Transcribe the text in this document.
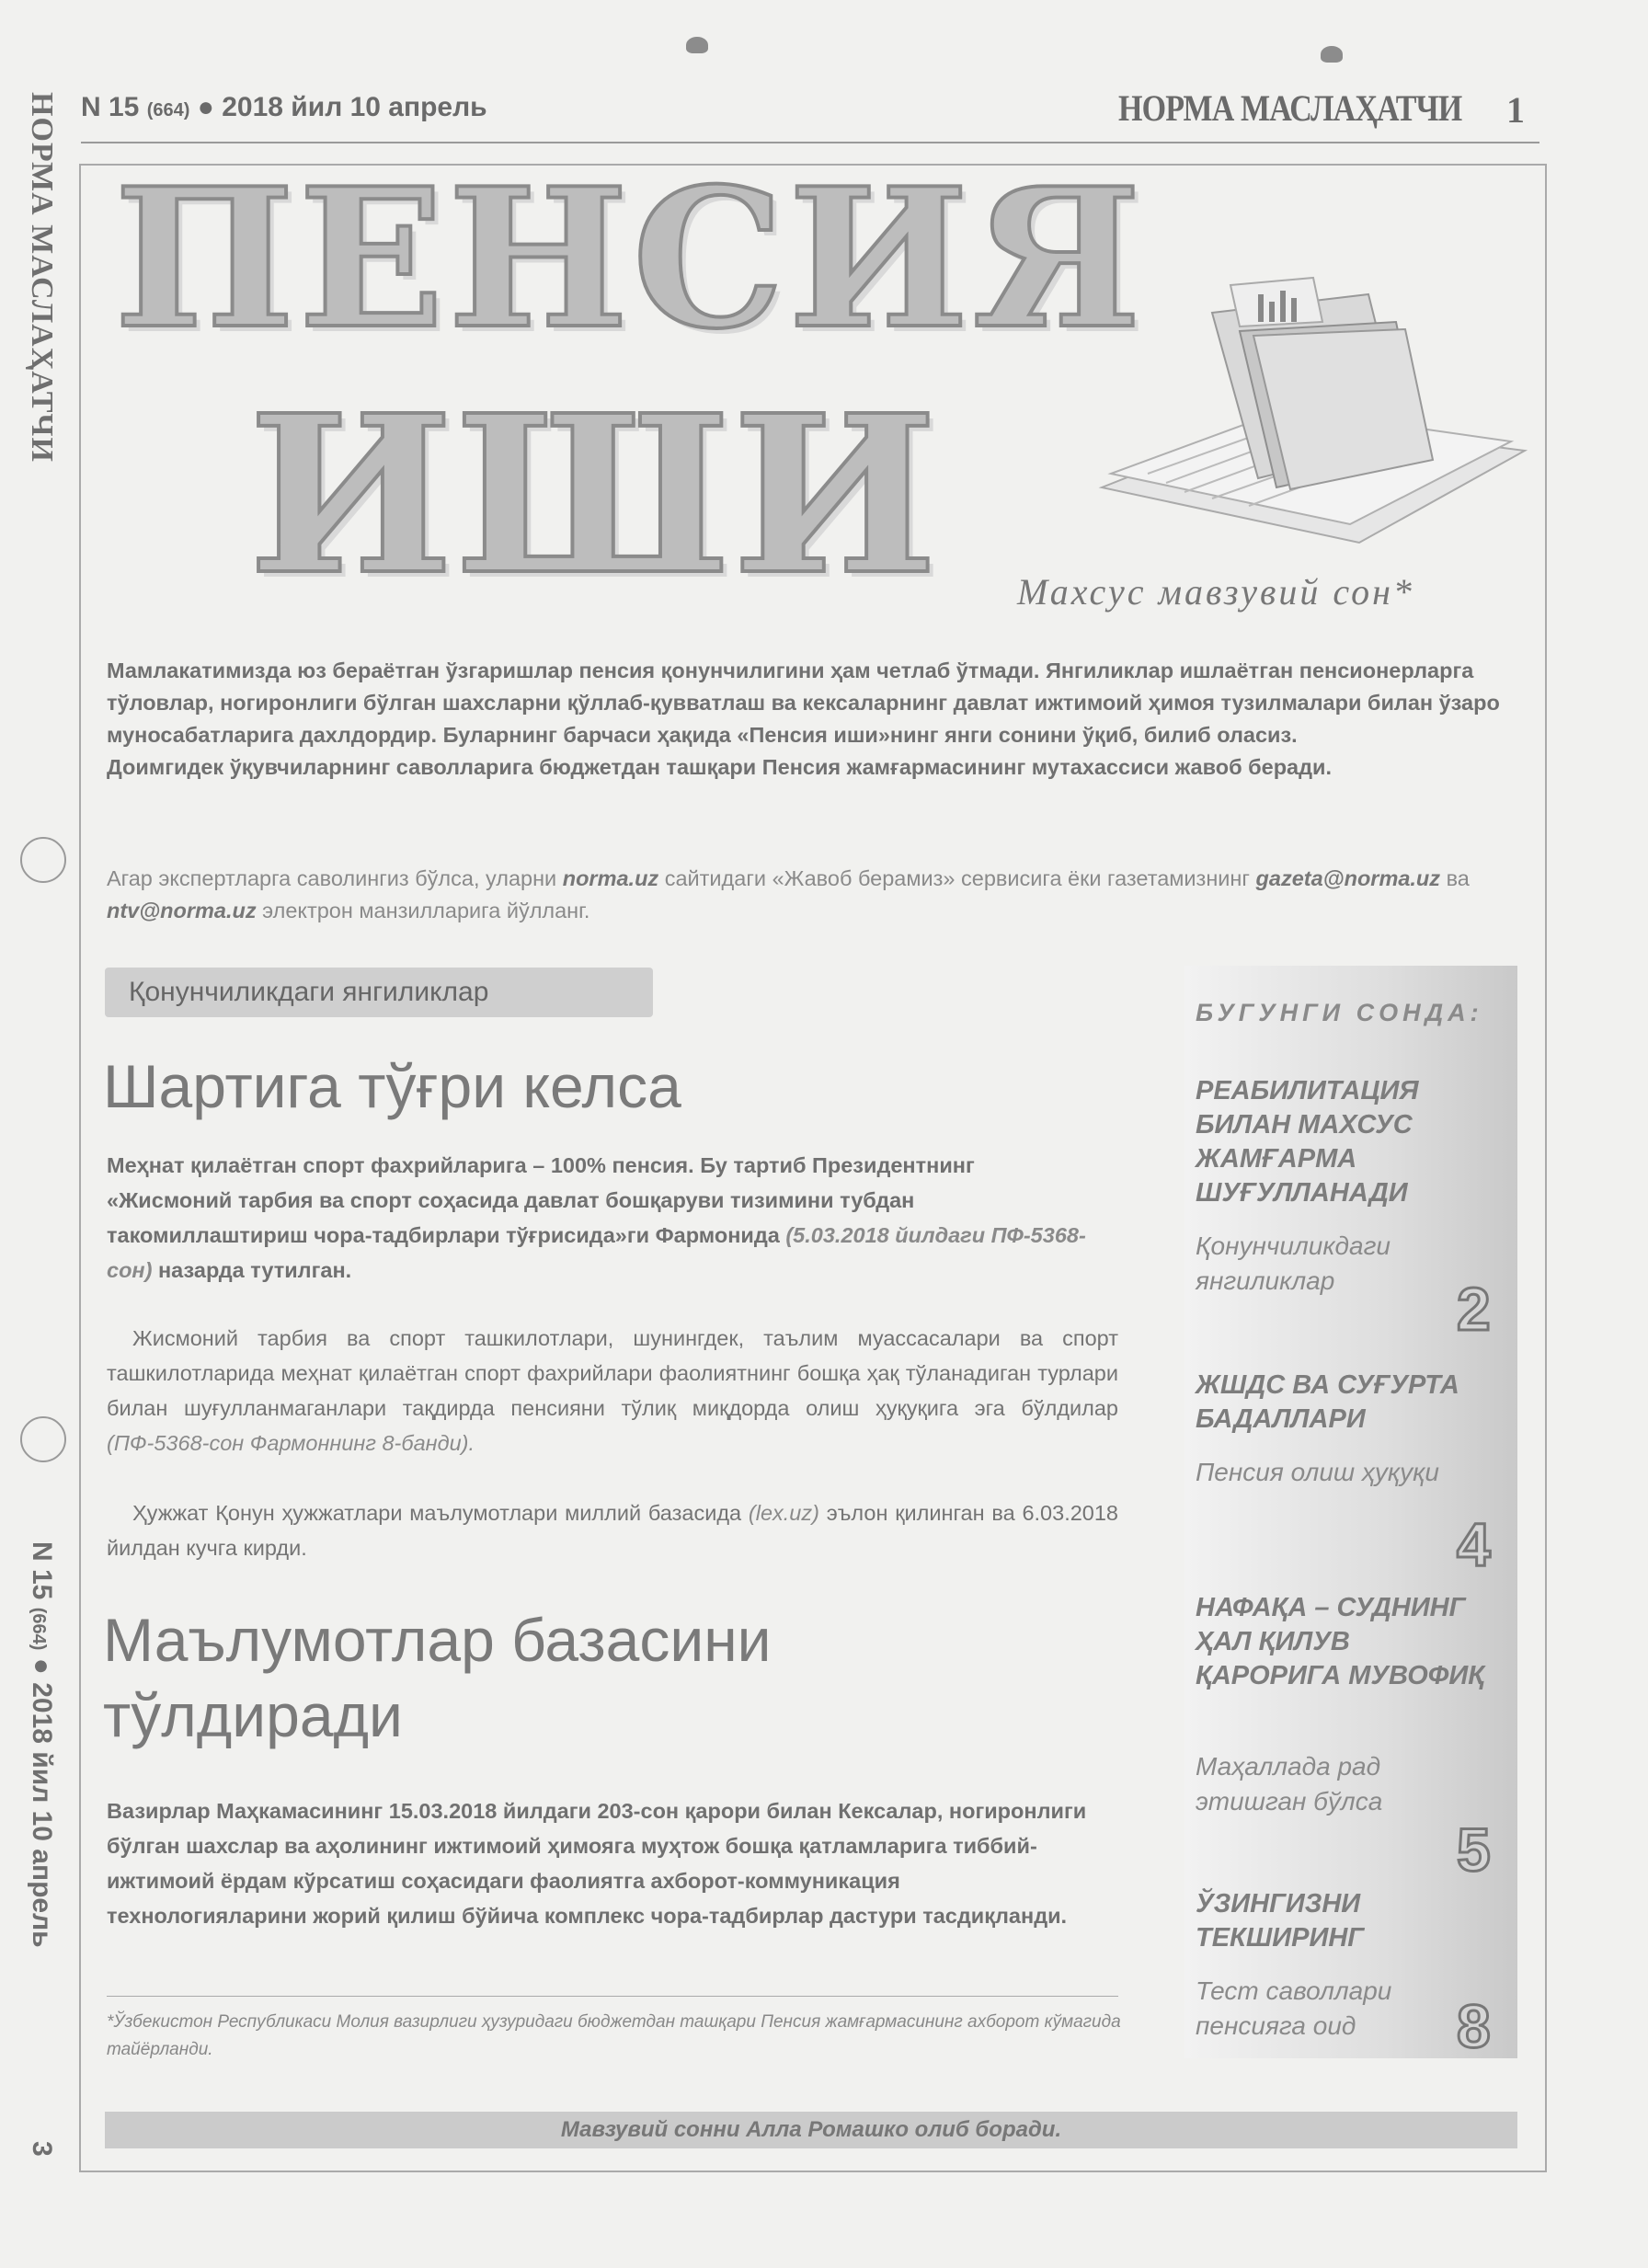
НОРМА МАСЛАҲАТЧИ
N 15 (664) ● 2018 йил 10 апрель
3
N 15 (664) ● 2018 йил 10 апрель	НОРМА МАСЛАҲАТЧИ 1
ПЕНСИЯ
ИШИ Махсус мавзувий сон*

Мамлакатимизда юз бераётган ўзгаришлар пенсия қонунчилигини ҳам четлаб ўтмади. Янгиликлар ишлаётган пенсионерларга тўловлар, ногиронлиги бўлган шахсларни қўллаб-қувватлаш ва кексаларнинг давлат ижтимоий ҳимоя тузилмалари билан ўзаро муносабатларига дахлдордир. Буларнинг барчаси ҳақида «Пенсия иши»нинг янги сонини ўқиб, билиб оласиз.

Доимгидек ўқувчиларнинг саволларига бюджетдан ташқари Пенсия жамғармасининг мутахассиси жавоб беради.

Агар экспертларга саволингиз бўлса, уларни norma.uz сайтидаги «Жавоб берамиз» сервисига ёки газетамизнинг gazeta@norma.uz ва ntv@norma.uz электрон манзилларига йўлланг.
Қонунчиликдаги янгиликлар
Шартига тўғри келса
Меҳнат қилаётган спорт фахрийларига – 100% пенсия. Бу тартиб Президентнинг «Жисмоний тарбия ва спорт соҳасида давлат бошқаруви тизимини тубдан такомиллаштириш чора-тадбирлари тўғрисида»ги Фармонида (5.03.2018 йилдаги ПФ-5368-сон) назарда тутилган.
Жисмоний тарбия ва спорт ташкилотлари, шунингдек, таълим муассасалари ва спорт ташкилотларида меҳнат қилаётган спорт фахрийлари фаолиятнинг бошқа ҳақ тўланадиган турлари билан шуғулланмаганлари тақдирда пенсияни тўлиқ миқдорда олиш ҳуқуқига эга бўлдилар (ПФ-5368-сон Фармоннинг 8-банди).
Ҳужжат Қонун ҳужжатлари маълумотлари миллий базасида (lex.uz) эълон қилинган ва 6.03.2018 йилдан кучга кирди.
Маълумотлар базасини
тўлдиради
Вазирлар Маҳкамасининг 15.03.2018 йилдаги 203-сон қарори билан Кексалар, ногиронлиги бўлган шахслар ва аҳолининг ижтимоий ҳимояга муҳтож бошқа қатламларига тиббий-ижтимоий ёрдам кўрсатиш соҳасидаги фаолиятга ахборот-коммуникация технологияларини жорий қилиш бўйича комплекс чора-тадбирлар дастури тасдиқланди.
*Ўзбекистон Республикаси Молия вазирлиги ҳузуридаги бюджетдан ташқари Пенсия жамғармасининг ахборот кўмагида тайёрланди.
БУГУНГИ СОНДА:
РЕАБИЛИТАЦИЯ БИЛАН МАХСУС ЖАМҒАРМА ШУҒУЛЛАНАДИ
Қонунчиликдаги янгиликлар	2
ЖШДС ВА СУҒУРТА БАДАЛЛАРИ
Пенсия олиш ҳуқуқи
4
НАФАҚА – СУДНИНГ ҲАЛ ҚИЛУВ ҚАРОРИГА МУВОФИҚ
Маҳаллада рад этишган бўлса
5
ЎЗИНГИЗНИ ТЕКШИРИНГ
Тест саволлари пенсияга оид	8
Мавзувий сонни Алла Ромашко олиб боради.
